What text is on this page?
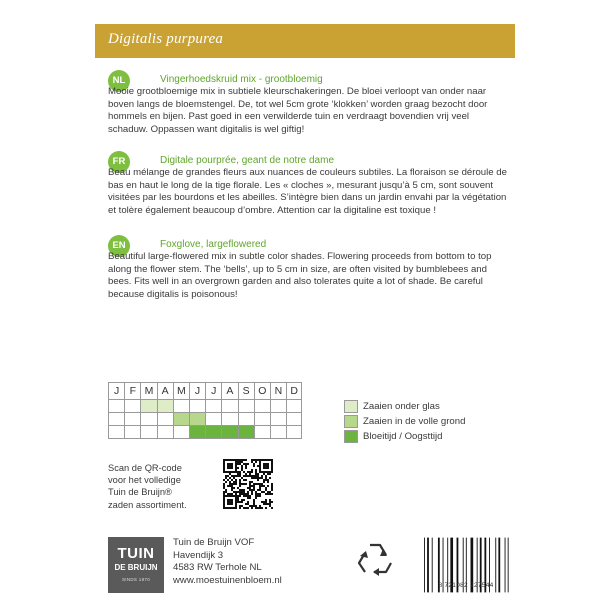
Digitalis purpurea
NL	Vingerhoedskruid mix - grootbloemig
Mooie grootbloemige mix in subtiele kleurschakeringen. De bloei verloopt van onder naar boven langs de bloemstengel. De, tot wel 5cm grote ‘klokken’ worden graag bezocht door hommels en bijen. Past goed in een verwilderde tuin en verdraagt bovendien vrij veel schaduw. Oppassen want digitalis is wel giftig!
FR	Digitale pourprée, geant de notre dame
Beau mélange de grandes fleurs aux nuances de couleurs subtiles. La floraison se déroule de bas en haut le long de la tige florale. Les « cloches », mesurant jusqu’à 5 cm, sont souvent visitées par les bourdons et les abeilles. S’intègre bien dans un jardin envahi par la végétation et tolère également beaucoup d’ombre. Attention car la digitaline est toxique !
EN	Foxglove, largeflowered
Beautiful large-flowered mix in subtle color shades. Flowering proceeds from bottom to top along the flower stem. The ‘bells’, up to 5 cm in size, are often visited by bumblebees and bees. Fits well in an overgrown garden and also tolerates quite a lot of shade. Be careful because digitalis is poisonous!
J F M A M J	J A S O N D
Zaaien onder glas
Zaaien in de volle grond
Bloeitijd / Oogsttijd
Scan de QR-code
voor het volledige
Tuin de Bruijn®
zaden assortiment.
TUIN
DE BRUIJN
SINDS 1870
Tuin de Bruijn VOF
Havendijk 3
4583 RW Terhole NL
www.moestuinenbloem.nl	8 721082 227544
